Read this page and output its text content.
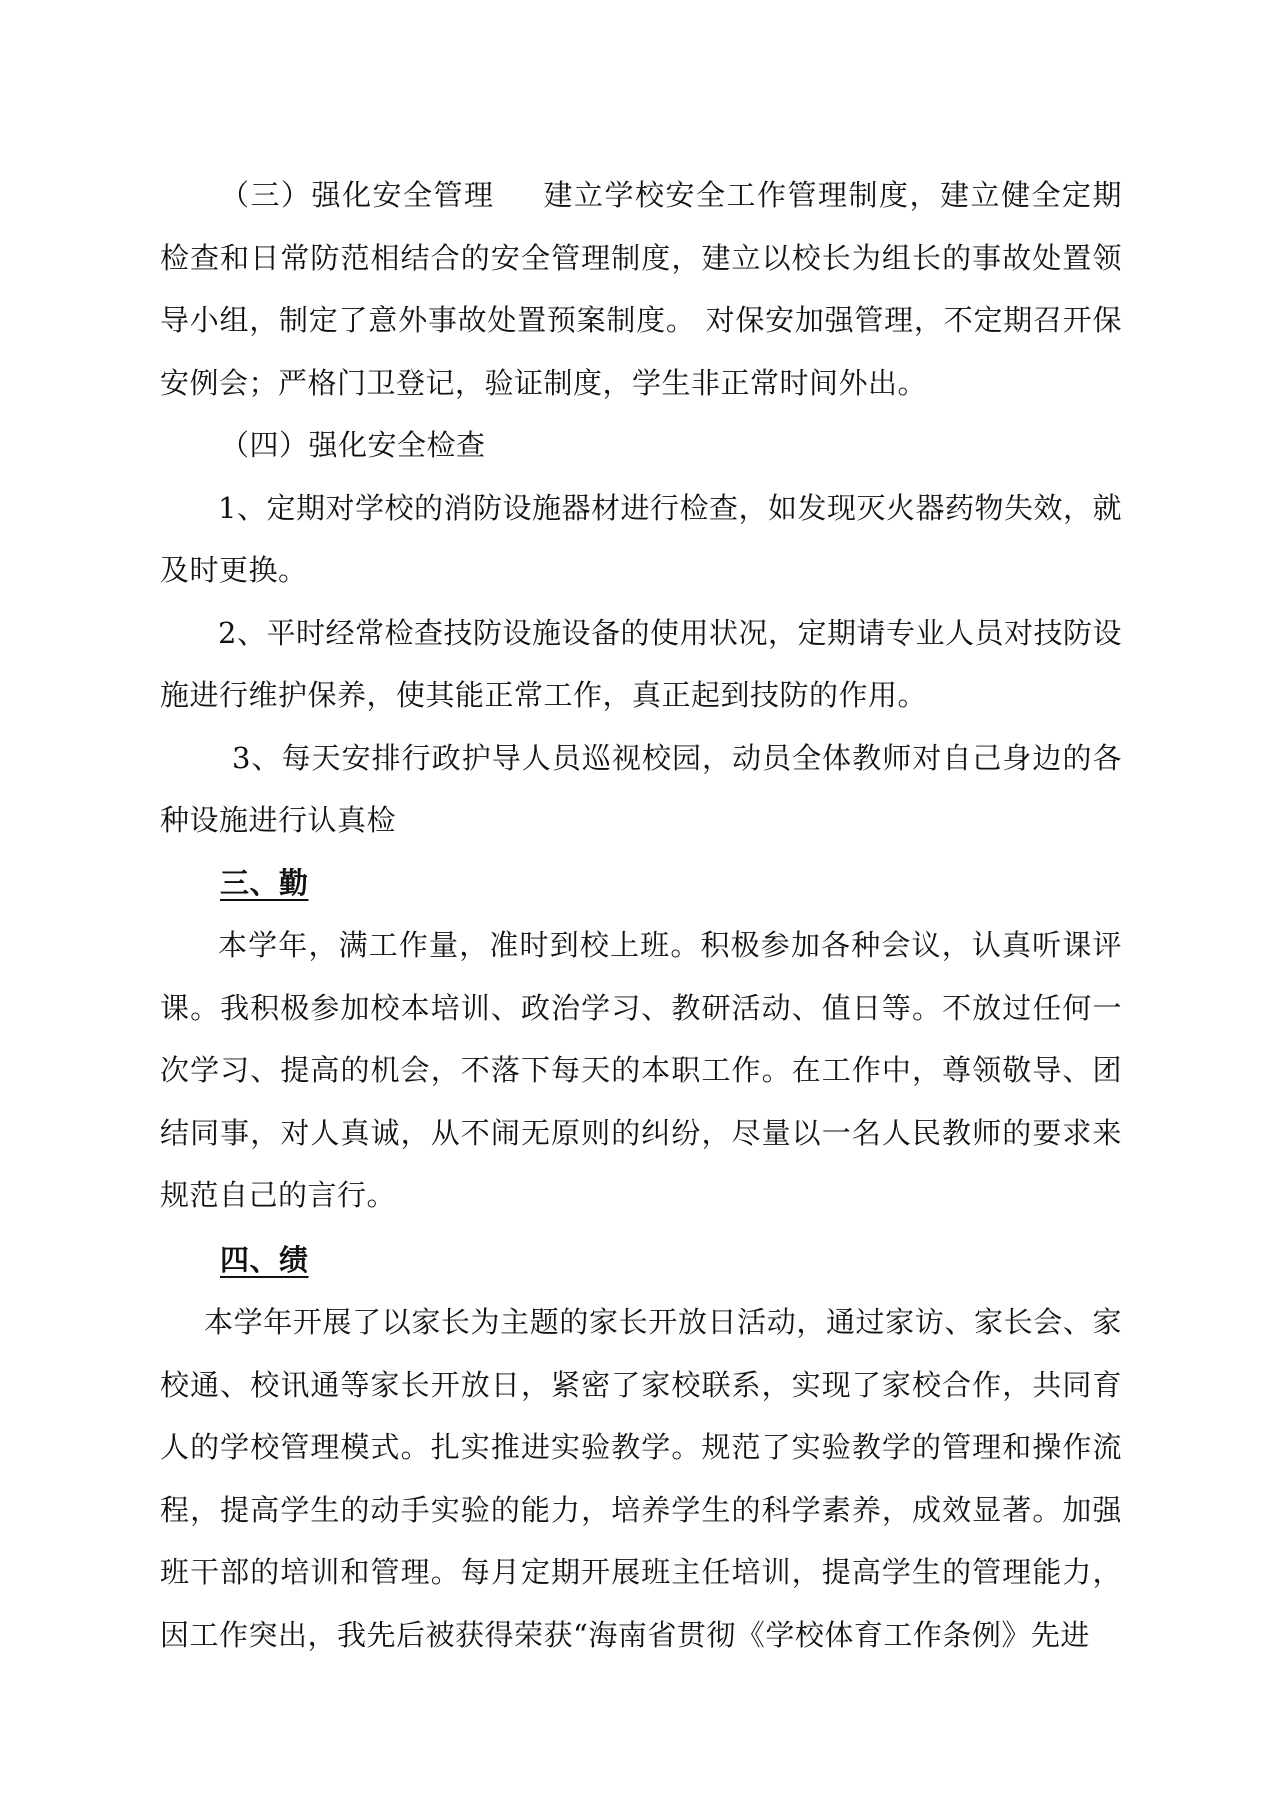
（三）强化安全管理 建立学校安全工作管理制度，建立健全定期检查和日常防范相结合的安全管理制度，建立以校长为组长的事故处置领导小组，制定了意外事故处置预案制度。 对保安加强管理，不定期召开保安例会；严格门卫登记，验证制度，学生非正常时间外出。

（四）强化安全检查

1、定期对学校的消防设施器材进行检查，如发现灭火器药物失效，就及时更换。

2、平时经常检查技防设施设备的使用状况，定期请专业人员对技防设施进行维护保养，使其能正常工作，真正起到技防的作用。

3、每天安排行政护导人员巡视校园，动员全体教师对自己身边的各种设施进行认真检

三、勤

本学年，满工作量，准时到校上班。积极参加各种会议，认真听课评课。我积极参加校本培训、政治学习、教研活动、值日等。不放过任何一次学习、提高的机会，不落下每天的本职工作。在工作中，尊领敬导、团结同事，对人真诚，从不闹无原则的纠纷，尽量以一名人民教师的要求来规范自己的言行。

四、绩

本学年开展了以家长为主题的家长开放日活动，通过家访、家长会、家校通、校讯通等家长开放日，紧密了家校联系，实现了家校合作，共同育人的学校管理模式。扎实推进实验教学。规范了实验教学的管理和操作流程，提高学生的动手实验的能力，培养学生的科学素养，成效显著。加强班干部的培训和管理。每月定期开展班主任培训，提高学生的管理能力，因工作突出，我先后被获得荣获“海南省贯彻《学校体育工作条例》先进
